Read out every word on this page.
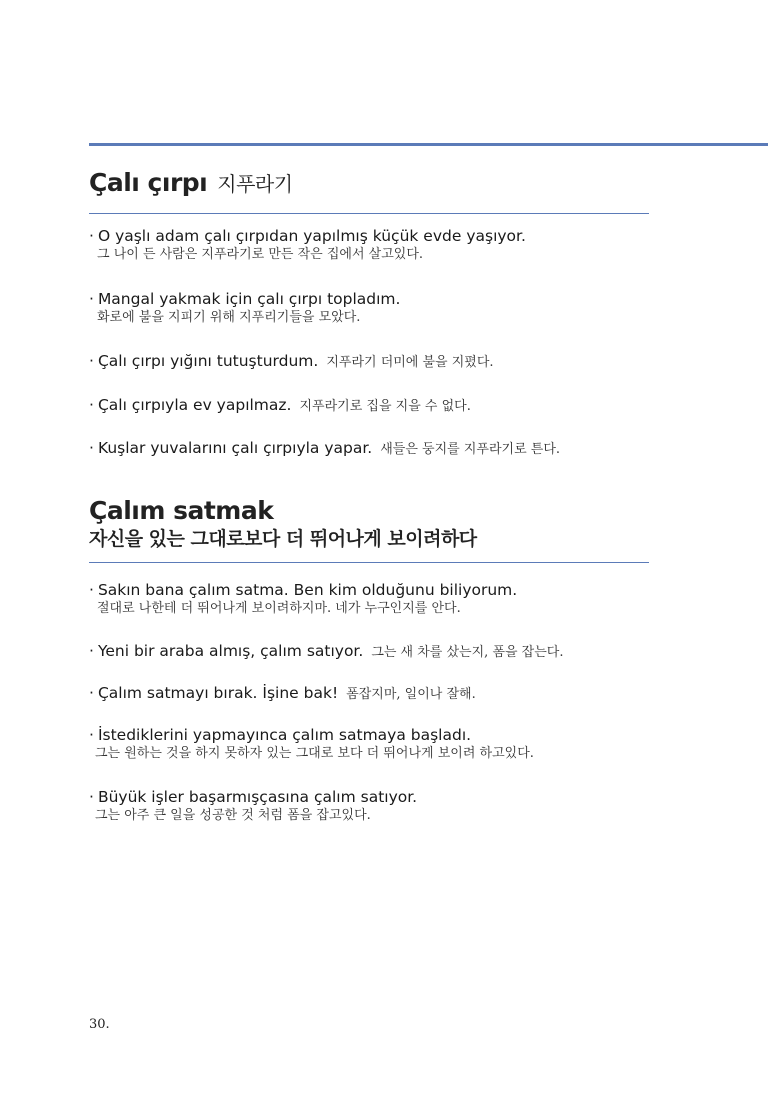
Çalı çırpı 지푸라기
· O yaşlı adam çalı çırpıdan yapılmış küçük evde yaşıyor.
그 나이 든 사람은 지푸라기로 만든 작은 집에서 살고있다.
· Mangal yakmak için çalı çırpı topladım.
화로에 불을 지피기 위해 지푸리기들을 모았다.
· Çalı çırpı yığını tutuşturdum. 지푸라기 더미에 불을 지폈다.
· Çalı çırpıyla ev yapılmaz. 지푸라기로 집을 지을 수 없다.
· Kuşlar yuvalarını çalı çırpıyla yapar. 새들은 둥지를 지푸라기로 튼다.
Çalım satmak
자신을 있는 그대로보다 더 뛰어나게 보이려하다
· Sakın bana çalım satma. Ben kim olduğunu biliyorum.
절대로 나한테 더 뛰어나게 보이려하지마. 네가 누구인지를 안다.
· Yeni bir araba almış, çalım satıyor. 그는 새 차를 샀는지, 폼을 잡는다.
· Çalım satmayı bırak. İşine bak! 폼잡지마, 일이나 잘해.
· İstediklerini yapmayınca çalım satmaya başladı.
그는 원하는 것을 하지 못하자 있는 그대로 보다 더 뛰어나게 보이려 하고있다.
· Büyük işler başarmışçasına çalım satıyor.
그는 아주 큰 일을 성공한 것 처럼 폼을 잡고있다.
30.
